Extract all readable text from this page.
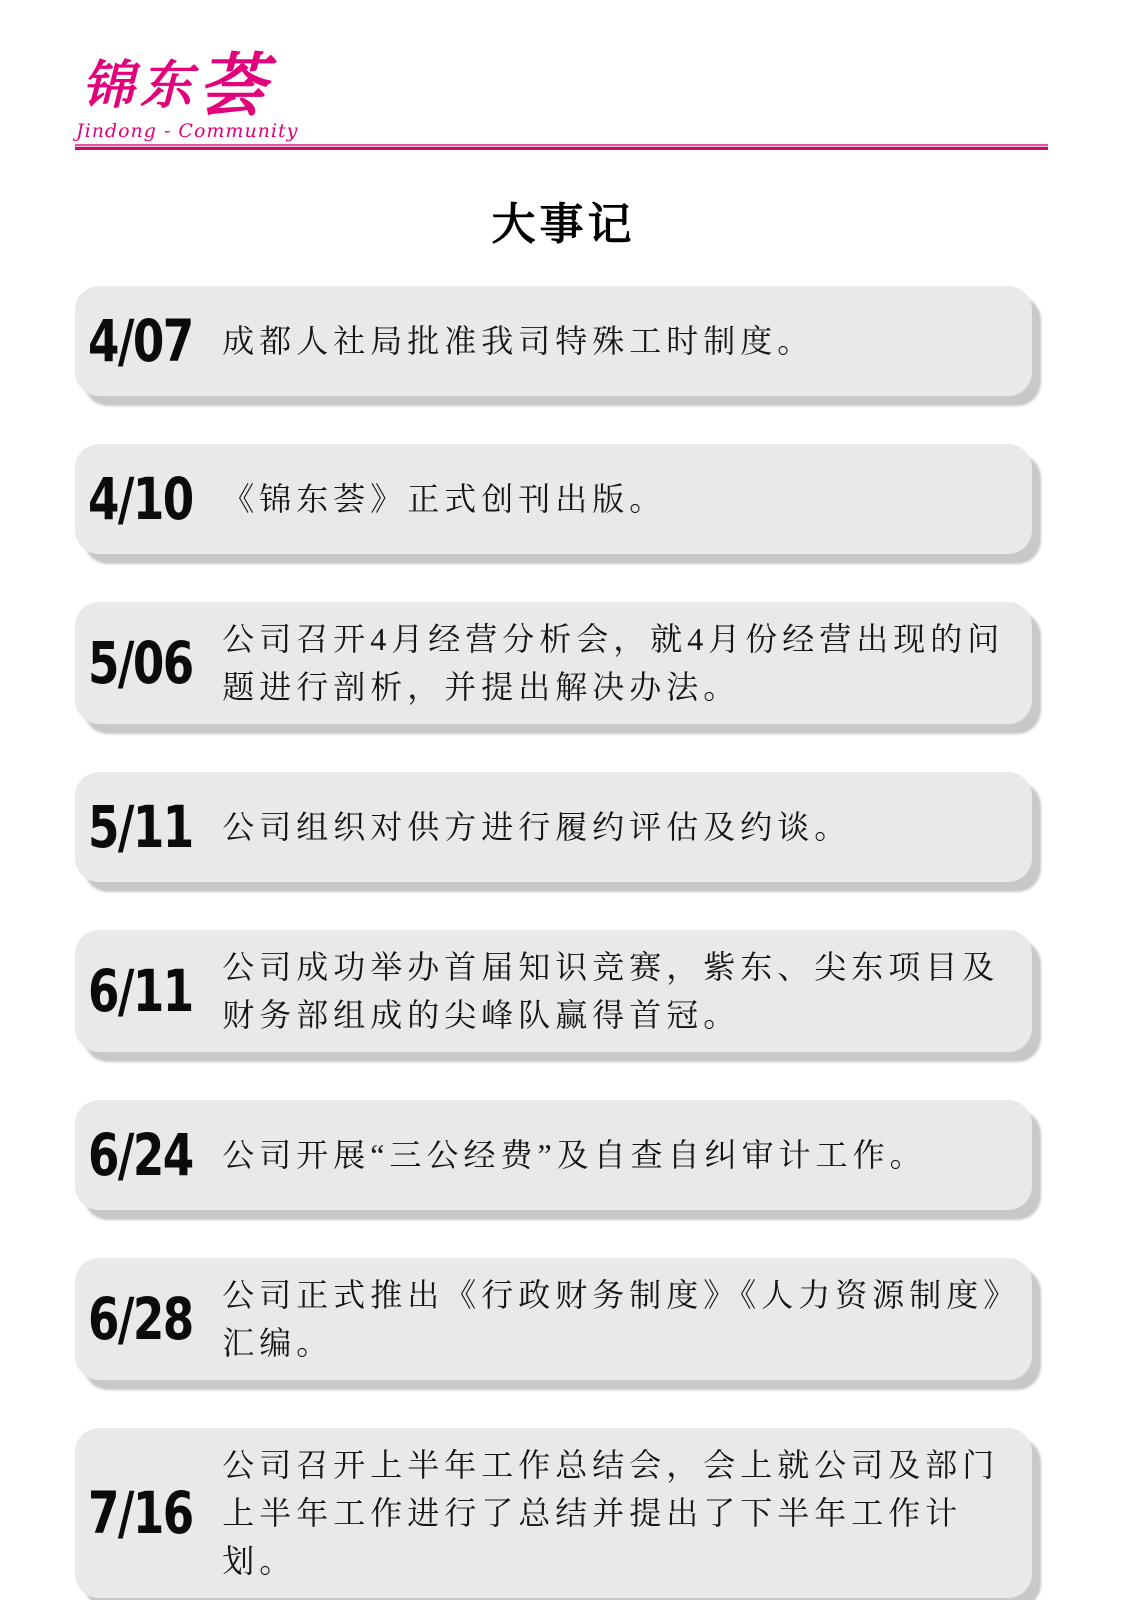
锦东荟
Jindong - Community
大事记
4/07 成都人社局批准我司特殊工时制度。
4/10 《锦东荟》正式创刊出版。
5/06 公司召开4月经营分析会，就4月份经营出现的问题进行剖析，并提出解决办法。
5/11 公司组织对供方进行履约评估及约谈。
6/11 公司成功举办首届知识竞赛，紫东、尖东项目及财务部组成的尖峰队赢得首冠。
6/24 公司开展“三公经费”及自查自纠审计工作。
6/28 公司正式推出《行政财务制度》《人力资源制度》汇编。
7/16
公司召开上半年工作总结会，会上就公司及部门上半年工作进行了总结并提出了下半年工作计划。
